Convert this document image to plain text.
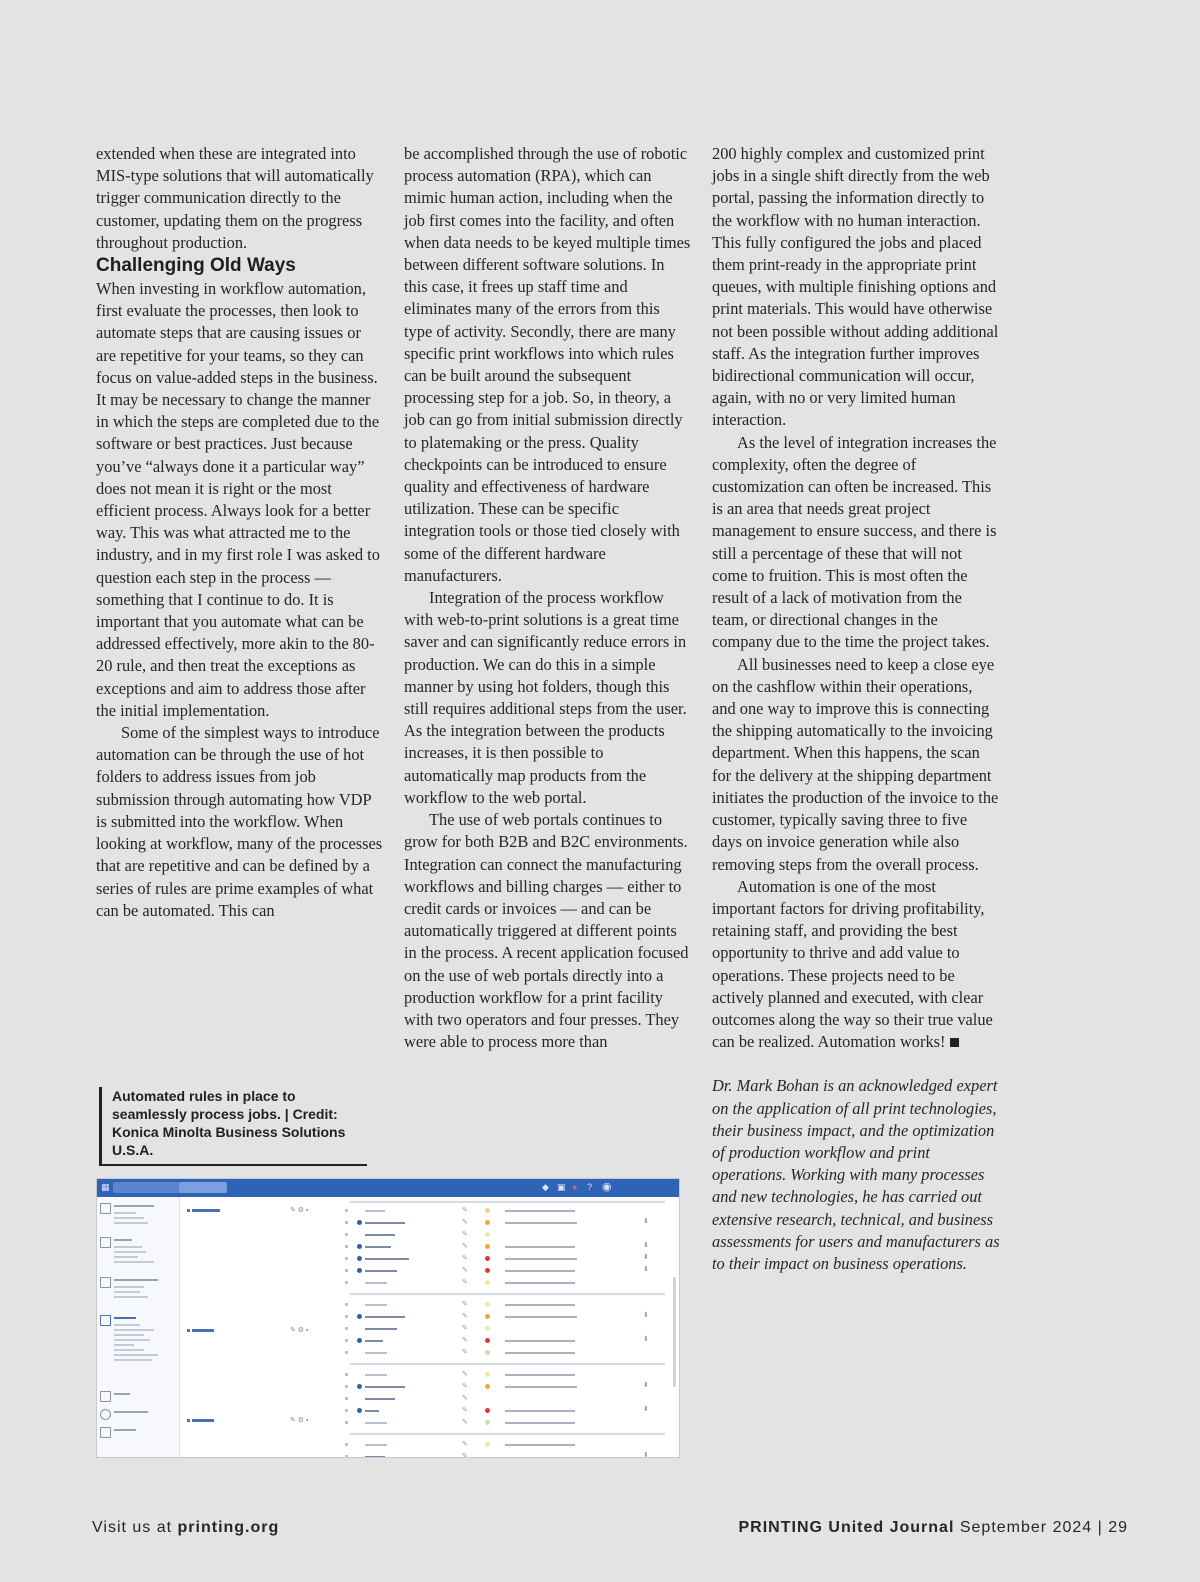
extended when these are integrated into MIS-type solutions that will automatically trigger communication directly to the customer, updating them on the progress throughout production.

Challenging Old Ways

When investing in workflow automation, first evaluate the processes, then look to automate steps that are causing issues or are repetitive for your teams, so they can focus on value-added steps in the business. It may be necessary to change the manner in which the steps are completed due to the software or best practices. Just because you’ve “always done it a particular way” does not mean it is right or the most efficient process. Always look for a better way. This was what attracted me to the industry, and in my first role I was asked to question each step in the process — something that I continue to do. It is important that you automate what can be addressed effectively, more akin to the 80-20 rule, and then treat the exceptions as exceptions and aim to address those after the initial implementation.

Some of the simplest ways to introduce automation can be through the use of hot folders to address issues from job submission through automating how VDP is submitted into the workflow. When looking at workflow, many of the processes that are repetitive and can be defined by a series of rules are prime examples of what can be automated. This can

be accomplished through the use of robotic process automation (RPA), which can mimic human action, including when the job first comes into the facility, and often when data needs to be keyed multiple times between different software solutions. In this case, it frees up staff time and eliminates many of the errors from this type of activity. Secondly, there are many specific print workflows into which rules can be built around the subsequent processing step for a job. So, in theory, a job can go from initial submission directly to platemaking or the press. Quality checkpoints can be introduced to ensure quality and effectiveness of hardware utilization. These can be specific integration tools or those tied closely with some of the different hardware manufacturers.

Integration of the process workflow with web-to-print solutions is a great time saver and can significantly reduce errors in production. We can do this in a simple manner by using hot folders, though this still requires additional steps from the user. As the integration between the products increases, it is then possible to automatically map products from the workflow to the web portal.

The use of web portals continues to grow for both B2B and B2C environments. Integration can connect the manufacturing workflows and billing charges — either to credit cards or invoices — and can be automatically triggered at different points in the process. A recent application focused on the use of web portals directly into a production workflow for a print facility with two operators and four presses. They were able to process more than

200 highly complex and customized print jobs in a single shift directly from the web portal, passing the information directly to the workflow with no human interaction. This fully configured the jobs and placed them print-ready in the appropriate print queues, with multiple finishing options and print materials. This would have otherwise not been possible without adding additional staff. As the integration further improves bidirectional communication will occur, again, with no or very limited human interaction.

As the level of integration increases the complexity, often the degree of customization can often be increased. This is an area that needs great project management to ensure success, and there is still a percentage of these that will not come to fruition. This is most often the result of a lack of motivation from the team, or directional changes in the company due to the time the project takes.

All businesses need to keep a close eye on the cashflow within their operations, and one way to improve this is connecting the shipping automatically to the invoicing department. When this happens, the scan for the delivery at the shipping department initiates the production of the invoice to the customer, typically saving three to five days on invoice generation while also removing steps from the overall process.

Automation is one of the most important factors for driving profitability, retaining staff, and providing the best opportunity to thrive and add value to operations. These projects need to be actively planned and executed, with clear outcomes along the way so their true value can be realized. Automation works!

Dr. Mark Bohan is an acknowledged expert on the application of all print technologies, their business impact, and the optimization of production workflow and print operations. Working with many processes and new technologies, he has carried out extensive research, technical, and business assessments for users and manufacturers as to their impact on business operations.

Automated rules in place to seamlessly process jobs. | Credit: Konica Minolta Business Solutions U.S.A.
▦	◆ ▣ ● ? ◉
✎ ⚙ ▪	✎
✎	⬇
✎
✎	⬇
✎	⬇
✎	⬇
✎
✎ ⚙ ▪
✎
✎	⬇
✎
✎	⬇
✎
✎ ⚙ ▪
✎
✎	⬇
✎
✎	⬇
✎
✎
✎	⬇
Visit us at printing.org	PRINTING United Journal September 2024 | 29
